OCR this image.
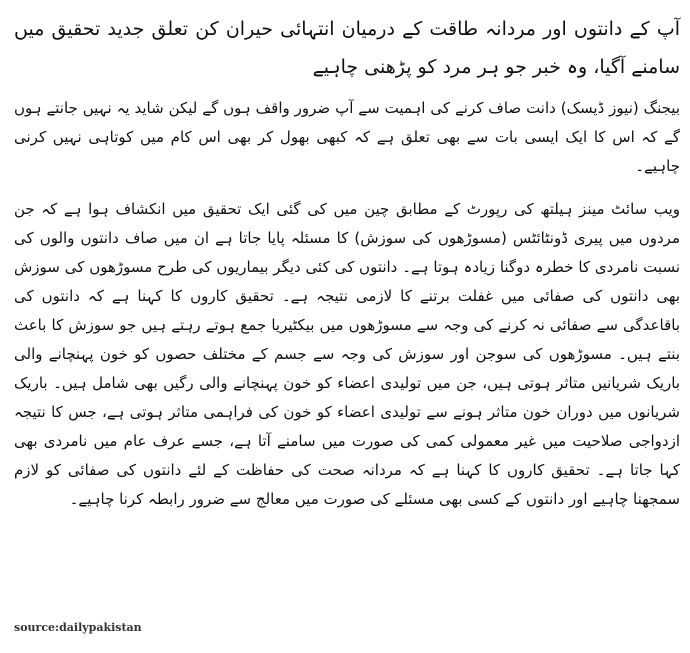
آپ کے دانتوں اور مردانہ طاقت کے درمیان انتہائی حیران کن تعلق جدید تحقیق میں سامنے آگیا، وہ خبر جو ہر مرد کو پڑھنی چاہیے

بیجنگ (نیوز ڈیسک) دانت صاف کرنے کی اہمیت سے آپ ضرور واقف ہوں گے لیکن شاید یہ نہیں جانتے ہوں گے کہ اس کا ایک ایسی بات سے بھی تعلق ہے کہ کبھی بھول کر بھی اس کام میں کوتاہی نہیں کرنی چاہیے۔

ویب سائٹ مینز ہیلتھ کی رپورٹ کے مطابق چین میں کی گئی ایک تحقیق میں انکشاف ہوا ہے کہ جن مردوں میں پیری ڈونٹائٹس (مسوڑھوں کی سوزش) کا مسئلہ پایا جاتا ہے ان میں صاف دانتوں والوں کی نسبت نامردی کا خطرہ دوگنا زیادہ ہوتا ہے۔ دانتوں کی کئی دیگر بیماریوں کی طرح مسوڑھوں کی سوزش بھی دانتوں کی صفائی میں غفلت برتنے کا لازمی نتیجہ ہے۔ تحقیق کاروں کا کہنا ہے کہ دانتوں کی باقاعدگی سے صفائی نہ کرنے کی وجہ سے مسوڑھوں میں بیکٹیریا جمع ہوتے رہتے ہیں جو سوزش کا باعث بنتے ہیں۔ مسوڑھوں کی سوجن اور سوزش کی وجہ سے جسم کے مختلف حصوں کو خون پہنچانے والی باریک شریانیں متاثر ہوتی ہیں، جن میں تولیدی اعضاء کو خون پہنچانے والی رگیں بھی شامل ہیں۔ باریک شریانوں میں دوران خون متاثر ہونے سے تولیدی اعضاء کو خون کی فراہمی متاثر ہوتی ہے، جس کا نتیجہ ازدواجی صلاحیت میں غیر معمولی کمی کی صورت میں سامنے آتا ہے، جسے عرف عام میں نامردی بھی کہا جاتا ہے۔ تحقیق کاروں کا کہنا ہے کہ مردانہ صحت کی حفاظت کے لئے دانتوں کی صفائی کو لازم سمجھنا چاہیے اور دانتوں کے کسی بھی مسئلے کی صورت میں معالج سے ضرور رابطہ کرنا چاہیے۔

source:dailypakistan
